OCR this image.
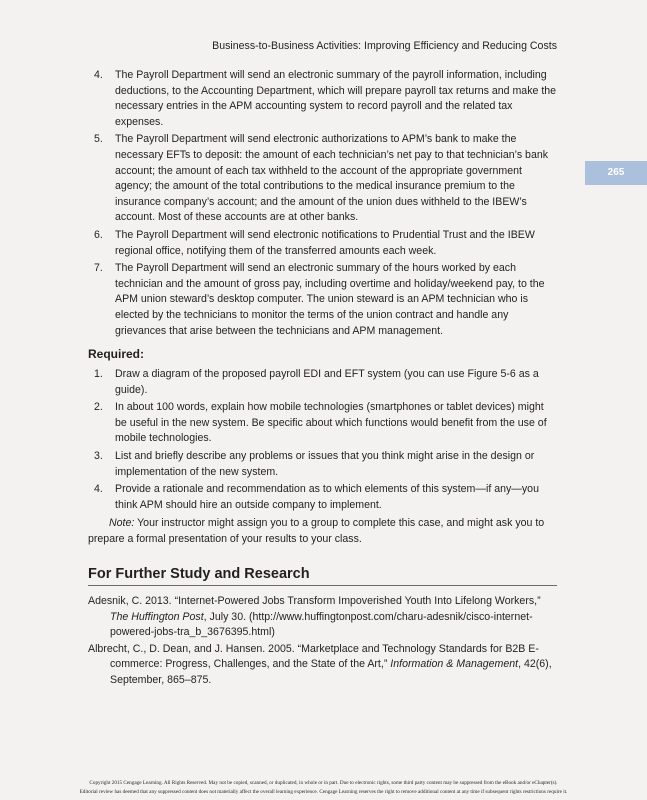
Business-to-Business Activities: Improving Efficiency and Reducing Costs
265
4. The Payroll Department will send an electronic summary of the payroll information, including deductions, to the Accounting Department, which will prepare payroll tax returns and make the necessary entries in the APM accounting system to record payroll and the related tax expenses.
5. The Payroll Department will send electronic authorizations to APM’s bank to make the necessary EFTs to deposit: the amount of each technician’s net pay to that technician’s bank account; the amount of each tax withheld to the account of the appropriate government agency; the amount of the total contributions to the medical insurance premium to the insurance company’s account; and the amount of the union dues withheld to the IBEW’s account. Most of these accounts are at other banks.
6. The Payroll Department will send electronic notifications to Prudential Trust and the IBEW regional office, notifying them of the transferred amounts each week.
7. The Payroll Department will send an electronic summary of the hours worked by each technician and the amount of gross pay, including overtime and holiday/weekend pay, to the APM union steward’s desktop computer. The union steward is an APM technician who is elected by the technicians to monitor the terms of the union contract and handle any grievances that arise between the technicians and APM management.
Required:
1. Draw a diagram of the proposed payroll EDI and EFT system (you can use Figure 5-6 as a guide).
2. In about 100 words, explain how mobile technologies (smartphones or tablet devices) might be useful in the new system. Be specific about which functions would benefit from the use of mobile technologies.
3. List and briefly describe any problems or issues that you think might arise in the design or implementation of the new system.
4. Provide a rationale and recommendation as to which elements of this system—if any—you think APM should hire an outside company to implement.

Note: Your instructor might assign you to a group to complete this case, and might ask you to prepare a formal presentation of your results to your class.

For Further Study and Research
Adesnik, C. 2013. “Internet-Powered Jobs Transform Impoverished Youth Into Lifelong Workers,” The Huffington Post, July 30. (http://www.huffingtonpost.com/charu-adesnik/cisco-internet-powered-jobs-tra_b_3676395.html)
Albrecht, C., D. Dean, and J. Hansen. 2005. “Marketplace and Technology Standards for B2B E-commerce: Progress, Challenges, and the State of the Art,” Information & Management, 42(6), September, 865–875.
Copyright 2015 Cengage Learning. All Rights Reserved. May not be copied, scanned, or duplicated, in whole or in part. Due to electronic rights, some third party content may be suppressed from the eBook and/or eChapter(s).
Editorial review has deemed that any suppressed content does not materially affect the overall learning experience. Cengage Learning reserves the right to remove additional content at any time if subsequent rights restrictions require it.
